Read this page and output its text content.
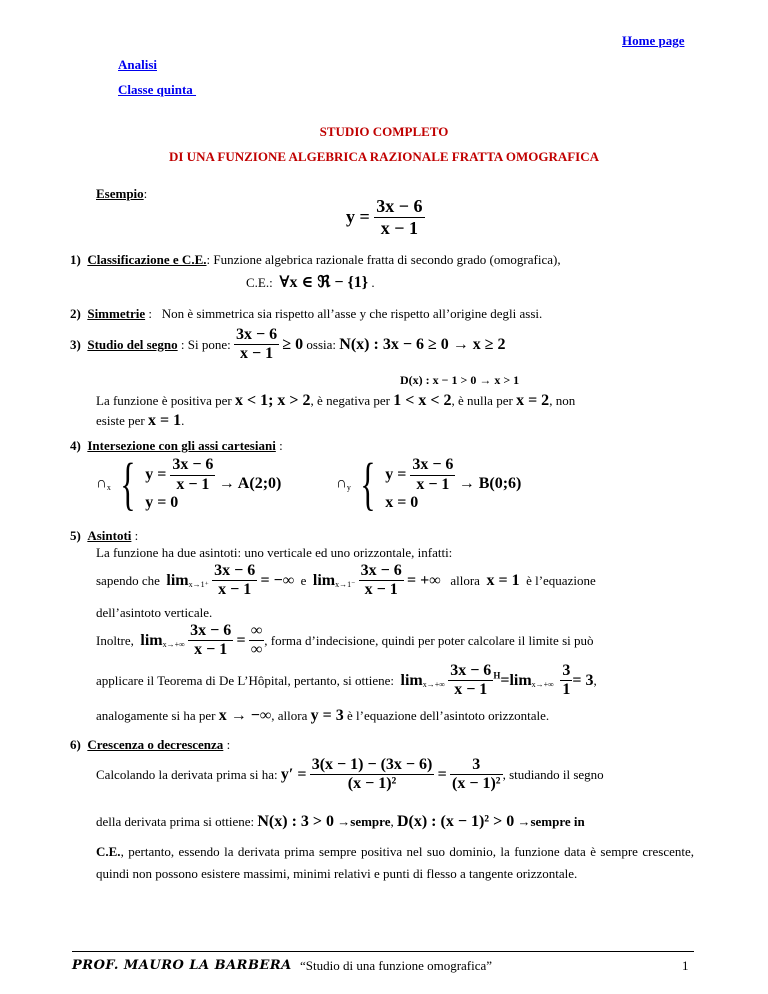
Home page
Analisi
Classe quinta
STUDIO COMPLETO
DI UNA FUNZIONE ALGEBRICA RAZIONALE FRATTA OMOGRAFICA
Esempio:
$y = \frac{3x - 6}{x - 1}$
1) Classificazione e C.E.: Funzione algebrica razionale fratta di secondo grado (omografica),
C.E.: ∀x ∈ ℜ − {1} .
2) Simmetrie : Non è simmetrica sia rispetto all’asse y che rispetto all’origine degli assi.
3) Studio del segno : Si pone: $\frac{3x - 6}{x - 1} \ge 0$ ossia: N(x) : 3x − 6 ≥ 0 → x ≥ 2
D(x) : x − 1 > 0 → x > 1
La funzione è positiva per x < 1; x > 2, è negativa per 1 < x < 2, è nulla per x = 2, non
esiste per x = 1.
4) Intersezione con gli assi cartesiani :
$\cap_x$ { $y = \frac{3x - 6}{x - 1}$
y = 0
→ A(2;0)	$\cap_y$ { $y = \frac{3x - 6}{x - 1}$
x = 0
→ B(0;6)
5) Asintoti :
La funzione ha due asintoti: uno verticale ed uno orizzontale, infatti:
sapendo che $\lim_{x\to 1^+} \frac{3x - 6}{x - 1}$ = −∞ e $\lim_{x\to 1^-} \frac{3x - 6}{x - 1}$ = +∞ allora x = 1 è l’equazione
dell’asintoto verticale.
Inoltre, $\lim_{x\to+\infty} \frac{3x - 6}{x - 1} = \frac{\infty}{\infty}$ , forma d’indecisione, quindi per poter calcolare il limite si può
applicare il Teorema di De L’Hôpital, pertanto, si ottiene: $\lim_{x\to+\infty} \frac{3x - 6}{x - 1} ^H=\lim_{x\to+\infty} \frac{3}{1} = 3$,
analogamente si ha per x → −∞, allora y = 3 è l’equazione dell’asintoto orizzontale.
6) Crescenza o decrescenza :
Calcolando la derivata prima si ha: $y' = \frac{3(x - 1) - (3x - 6)}{\text{(x − 1)²}} = \frac{3}{\text{(x − 1)²}}$ , studiando il segno
della derivata prima si ottiene: N(x) : 3 > 0 →sempre, D(x) : (x − 1)² > 0 →sempre in
C.E., pertanto, essendo la derivata prima sempre positiva nel suo dominio, la funzione data è sempre crescente, quindi non possono esistere massimi, minimi relativi e punti di flesso a tangente orizzontale.
PROF. MAURO LA BARBERA “Studio di una funzione omografica”	1
